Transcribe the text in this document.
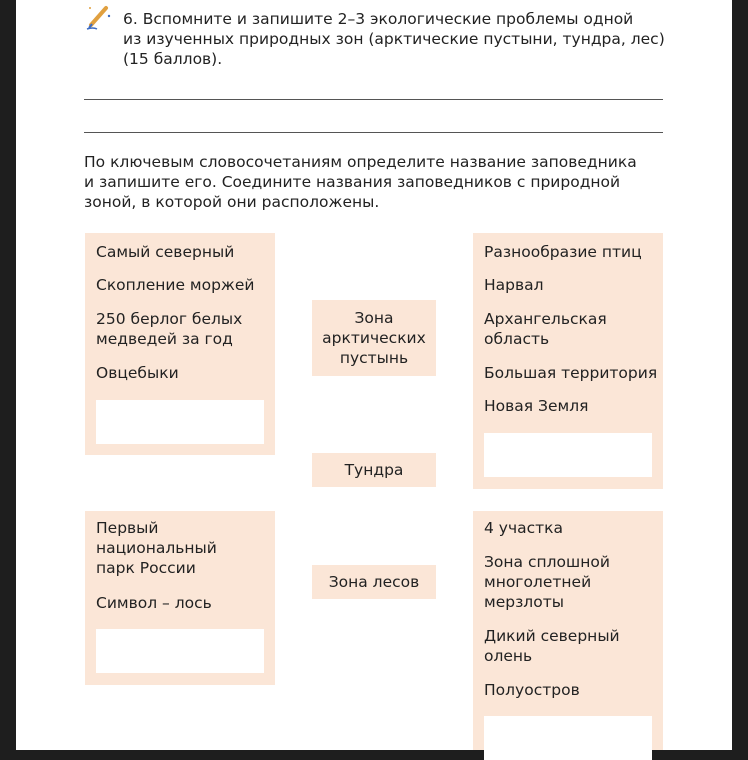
6. Вспомните и запишите 2–3 экологические проблемы одной
из изученных природных зон (арктические пустыни, тундра, лес)
(15 баллов).
По ключевым словосочетаниям определите название заповедника
и запишите его. Соедините названия заповедников с природной
зоной, в которой они расположены.
Самый северный
Скопление моржей
250 берлог белых медведей за год
Овцебыки
Первый национальный парк России
Символ – лось
Зона арктических пустынь
Тундра
Зона лесов
Разнообразие птиц
Нарвал
Архангельская область
Большая территория
Новая Земля
4 участка
Зона сплошной многолетней мерзлоты
Дикий северный олень
Полуостров
